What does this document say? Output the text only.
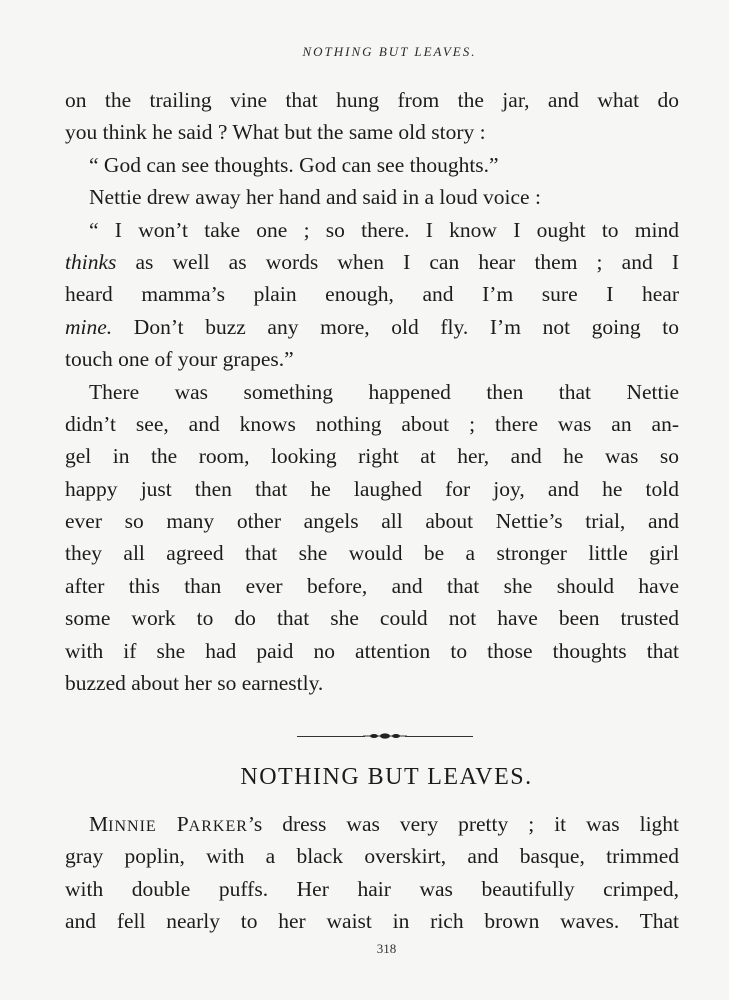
NOTHING BUT LEAVES.
on the trailing vine that hung from the jar, and what do
you think he said ? What but the same old story :
“ God can see thoughts. God can see thoughts.”
Nettie drew away her hand and said in a loud voice :
“ I won’t take one ; so there. I know I ought to mind
thinks as well as words when I can hear them ; and I
heard mamma’s plain enough, and I’m sure I hear
mine. Don’t buzz any more, old fly. I’m not going to
touch one of your grapes.”
There was something happened then that Nettie
didn’t see, and knows nothing about ; there was an an-
gel in the room, looking right at her, and he was so
happy just then that he laughed for joy, and he told
ever so many other angels all about Nettie’s trial, and
they all agreed that she would be a stronger little girl
after this than ever before, and that she should have
some work to do that she could not have been trusted
with if she had paid no attention to those thoughts that
buzzed about her so earnestly.
NOTHING BUT LEAVES.
MINNIE PARKER’s dress was very pretty ; it was light
gray poplin, with a black overskirt, and basque, trimmed
with double puffs. Her hair was beautifully crimped,
and fell nearly to her waist in rich brown waves. That
318
